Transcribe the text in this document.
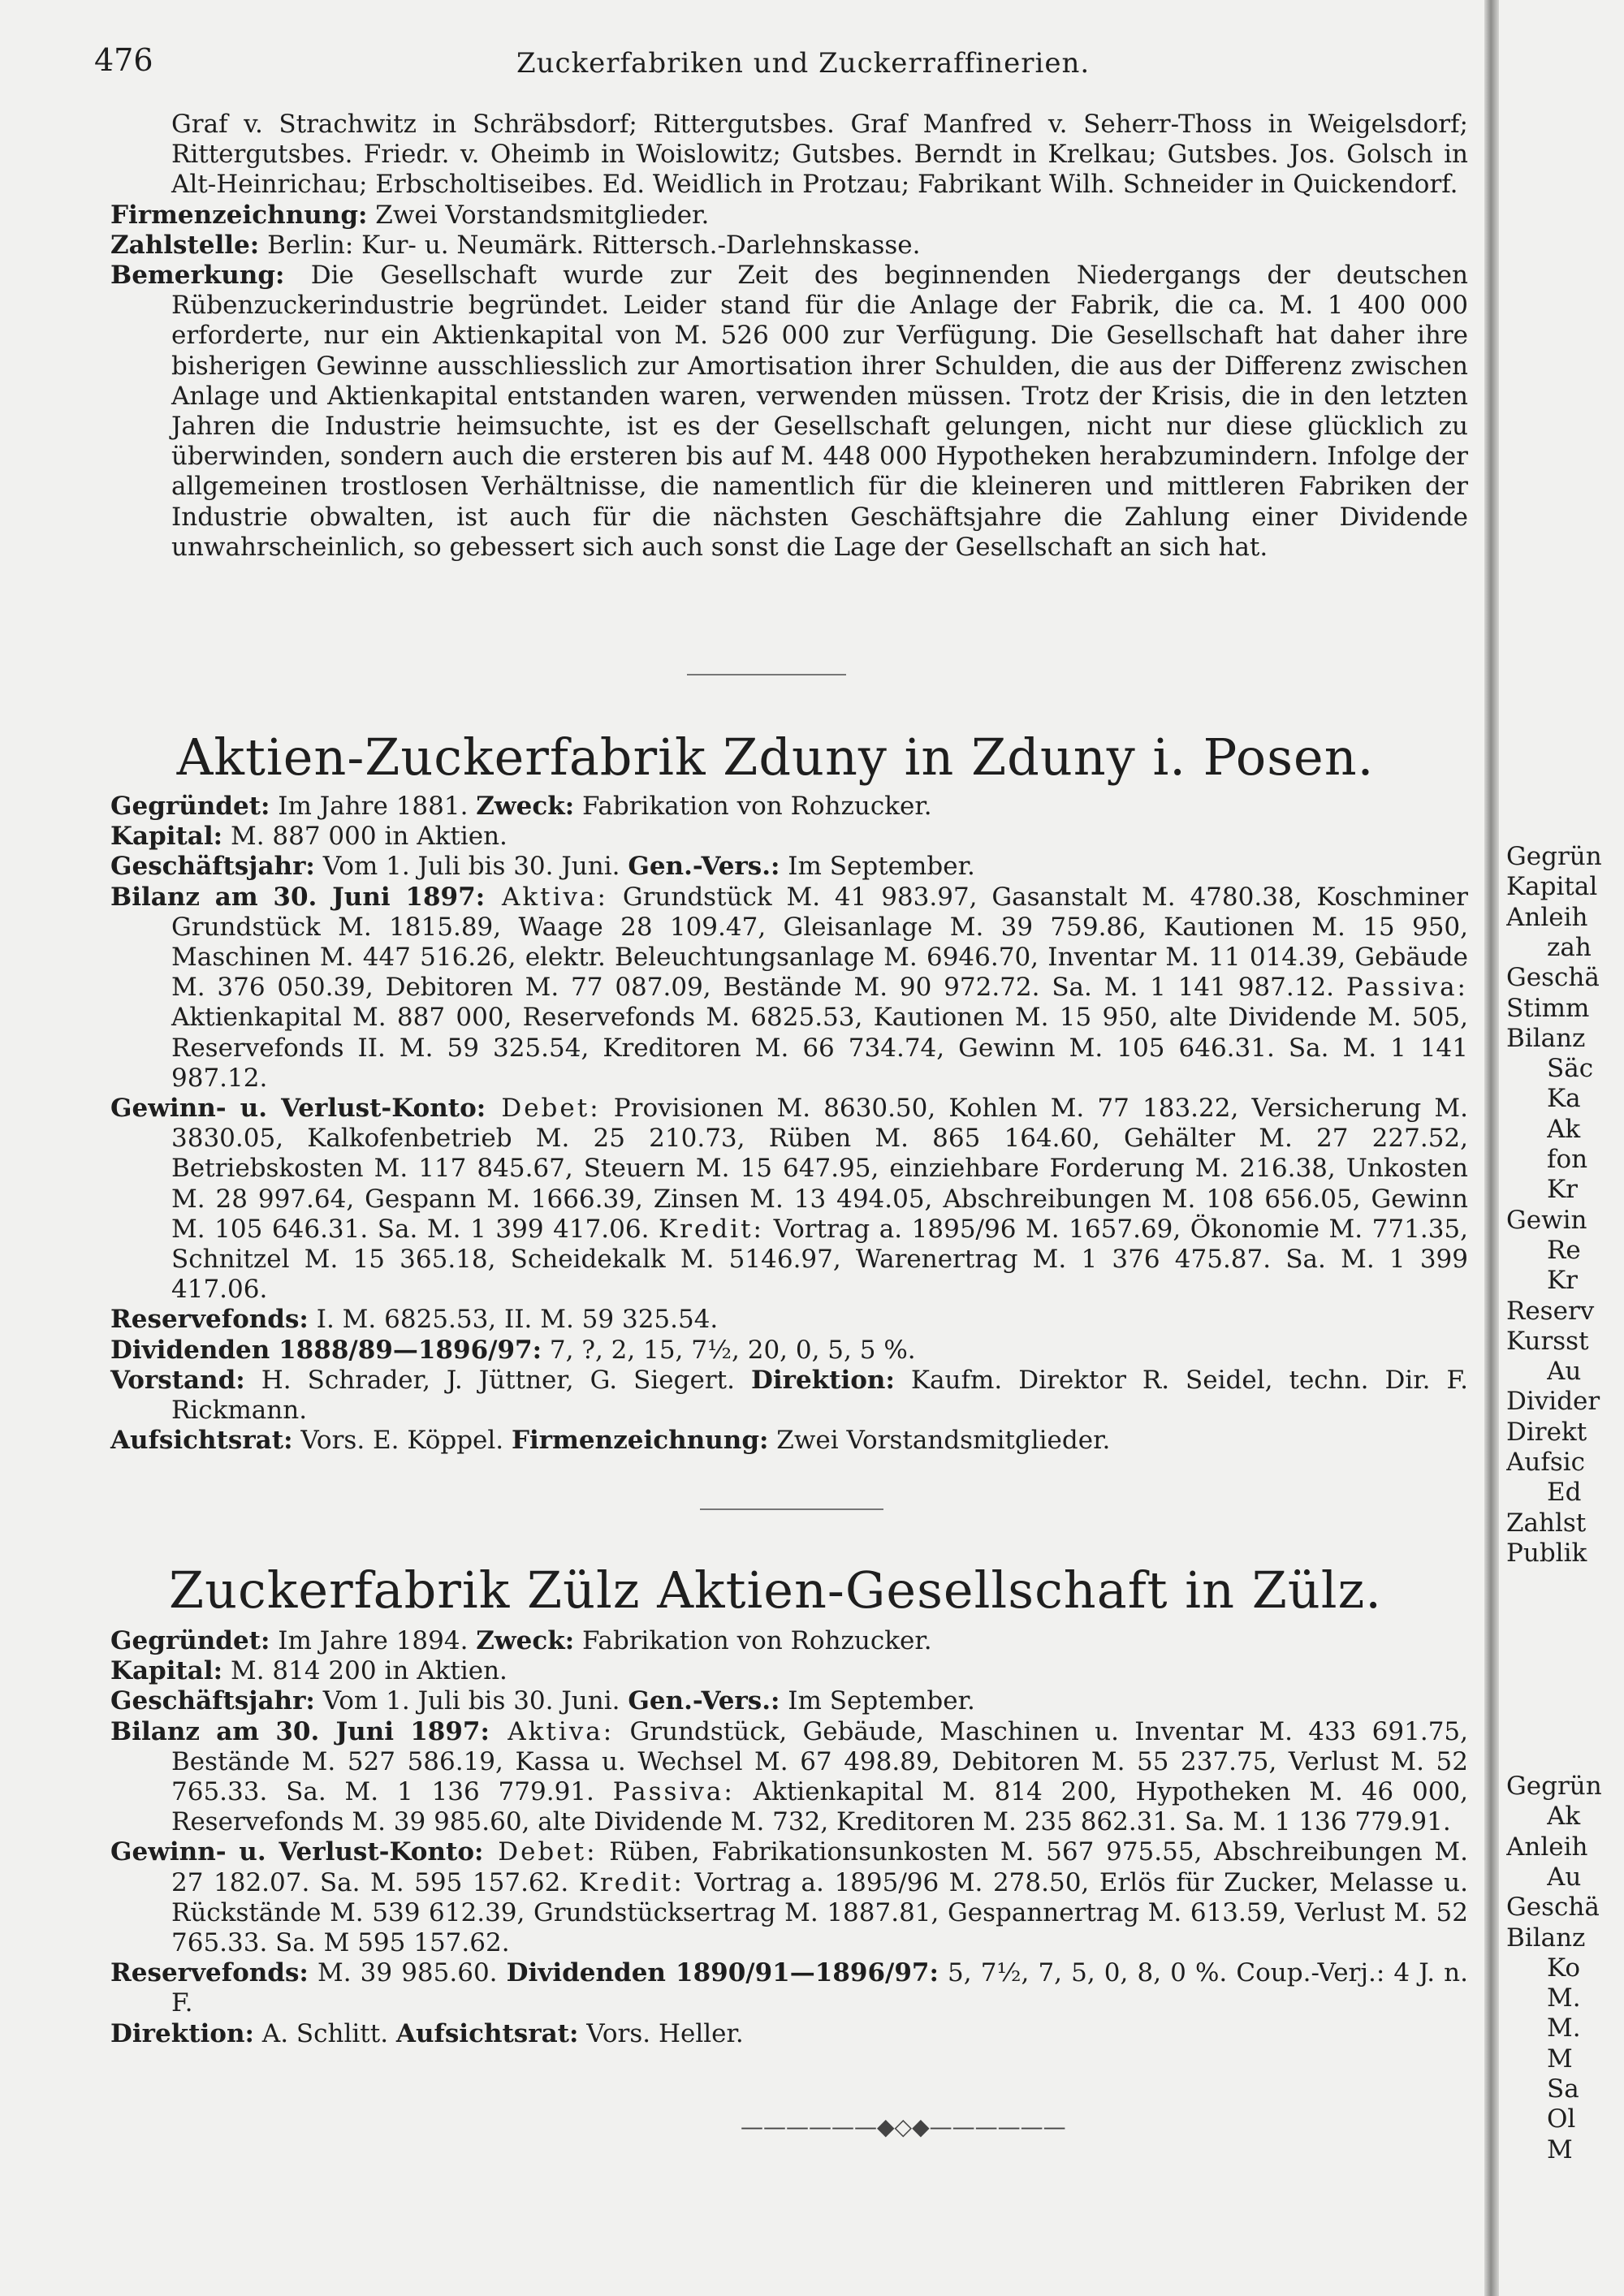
476	Zuckerfabriken und Zuckerraffinerien.

Graf v. Strachwitz in Schräbsdorf; Rittergutsbes. Graf Manfred v. Seherr-Thoss in Weigelsdorf; Rittergutsbes. Friedr. v. Oheimb in Woislowitz; Gutsbes. Berndt in Krelkau; Gutsbes. Jos. Golsch in Alt-Heinrichau; Erbscholtiseibes. Ed. Weidlich in Protzau; Fabrikant Wilh. Schneider in Quickendorf.

Firmenzeichnung: Zwei Vorstandsmitglieder.

Zahlstelle: Berlin: Kur- u. Neumärk. Rittersch.-Darlehnskasse.

Bemerkung: Die Gesellschaft wurde zur Zeit des beginnenden Niedergangs der deutschen Rübenzuckerindustrie begründet. Leider stand für die Anlage der Fabrik, die ca. M. 1 400 000 erforderte, nur ein Aktienkapital von M. 526 000 zur Verfügung. Die Gesellschaft hat daher ihre bisherigen Gewinne ausschliesslich zur Amortisation ihrer Schulden, die aus der Differenz zwischen Anlage und Aktienkapital entstanden waren, verwenden müssen. Trotz der Krisis, die in den letzten Jahren die Industrie heimsuchte, ist es der Gesellschaft gelungen, nicht nur diese glücklich zu überwinden, sondern auch die ersteren bis auf M. 448 000 Hypotheken herabzumindern. Infolge der allgemeinen trostlosen Verhältnisse, die namentlich für die kleineren und mittleren Fabriken der Industrie obwalten, ist auch für die nächsten Geschäftsjahre die Zahlung einer Dividende unwahrscheinlich, so gebessert sich auch sonst die Lage der Gesellschaft an sich hat.

Aktien-Zuckerfabrik Zduny in Zduny i. Posen.

Gegründet: Im Jahre 1881. Zweck: Fabrikation von Rohzucker.

Kapital: M. 887 000 in Aktien.

Geschäftsjahr: Vom 1. Juli bis 30. Juni. Gen.-Vers.: Im September.

Bilanz am 30. Juni 1897: Aktiva: Grundstück M. 41 983.97, Gasanstalt M. 4780.38, Koschminer Grundstück M. 1815.89, Waage 28 109.47, Gleisanlage M. 39 759.86, Kautionen M. 15 950, Maschinen M. 447 516.26, elektr. Beleuchtungsanlage M. 6946.70, Inventar M. 11 014.39, Gebäude M. 376 050.39, Debitoren M. 77 087.09, Bestände M. 90 972.72. Sa. M. 1 141 987.12. Passiva: Aktienkapital M. 887 000, Reservefonds M. 6825.53, Kautionen M. 15 950, alte Dividende M. 505, Reservefonds II. M. 59 325.54, Kreditoren M. 66 734.74, Gewinn M. 105 646.31. Sa. M. 1 141 987.12.

Gewinn- u. Verlust-Konto: Debet: Provisionen M. 8630.50, Kohlen M. 77 183.22, Versicherung M. 3830.05, Kalkofenbetrieb M. 25 210.73, Rüben M. 865 164.60, Gehälter M. 27 227.52, Betriebskosten M. 117 845.67, Steuern M. 15 647.95, einziehbare Forderung M. 216.38, Unkosten M. 28 997.64, Gespann M. 1666.39, Zinsen M. 13 494.05, Abschreibungen M. 108 656.05, Gewinn M. 105 646.31. Sa. M. 1 399 417.06. Kredit: Vortrag a. 1895/96 M. 1657.69, Ökonomie M. 771.35, Schnitzel M. 15 365.18, Scheidekalk M. 5146.97, Warenertrag M. 1 376 475.87. Sa. M. 1 399 417.06.

Reservefonds: I. M. 6825.53, II. M. 59 325.54.

Dividenden 1888/89—1896/97: 7, ?, 2, 15, 7½, 20, 0, 5, 5 %.

Vorstand: H. Schrader, J. Jüttner, G. Siegert. Direktion: Kaufm. Direktor R. Seidel, techn. Dir. F. Rickmann.

Aufsichtsrat: Vors. E. Köppel. Firmenzeichnung: Zwei Vorstandsmitglieder.

Zuckerfabrik Zülz Aktien-Gesellschaft in Zülz.

Gegründet: Im Jahre 1894. Zweck: Fabrikation von Rohzucker.

Kapital: M. 814 200 in Aktien.

Geschäftsjahr: Vom 1. Juli bis 30. Juni. Gen.-Vers.: Im September.

Bilanz am 30. Juni 1897: Aktiva: Grundstück, Gebäude, Maschinen u. Inventar M. 433 691.75, Bestände M. 527 586.19, Kassa u. Wechsel M. 67 498.89, Debitoren M. 55 237.75, Verlust M. 52 765.33. Sa. M. 1 136 779.91. Passiva: Aktienkapital M. 814 200, Hypotheken M. 46 000, Reservefonds M. 39 985.60, alte Dividende M. 732, Kreditoren M. 235 862.31. Sa. M. 1 136 779.91.

Gewinn- u. Verlust-Konto: Debet: Rüben, Fabrikationsunkosten M. 567 975.55, Abschreibungen M. 27 182.07. Sa. M. 595 157.62. Kredit: Vortrag a. 1895/96 M. 278.50, Erlös für Zucker, Melasse u. Rückstände M. 539 612.39, Grundstücksertrag M. 1887.81, Gespannertrag M. 613.59, Verlust M. 52 765.33. Sa. M 595 157.62.

Reservefonds: M. 39 985.60. Dividenden 1890/91—1896/97: 5, 7½, 7, 5, 0, 8, 0 %. Coup.-Verj.: 4 J. n. F.

Direktion: A. Schlitt. Aufsichtsrat: Vors. Heller.

——————◆◇◆——————
Gegrün
Kapital
Anleih
zah
Geschä
Stimm
Bilanz
Säc
Ka
Ak
fon
Kr
Gewin
Re
Kr
Reserv
Kursst
Au
Divider
Direkt
Aufsic
Ed
Zahlst
Publik
Gegrün
Ak
Anleih
Au
Geschä
Bilanz
Ko
M.
M.
M
Sa
Ol
M
